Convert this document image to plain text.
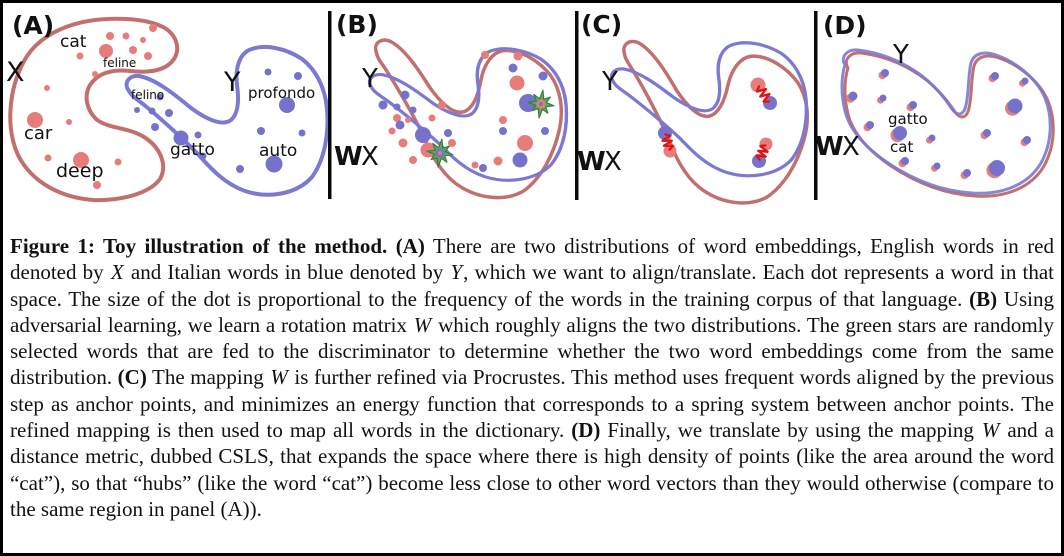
(A)
X
cat
feline
car
deep
Y
felino
gatto
profondo
auto
(B)
Y
W
X
(C)
Y
W
X
(D)
Y
W
X
gatto
cat
Figure 1: Toy illustration of the method. (A) There are two distributions of word embeddings, English words in red denoted by X and Italian words in blue denoted by Y, which we want to align/translate. Each dot represents a word in that space. The size of the dot is proportional to the frequency of the words in the training corpus of that language. (B) Using adversarial learning, we learn a rotation matrix W which roughly aligns the two distributions. The green stars are randomly selected words that are fed to the discriminator to determine whether the two word embeddings come from the same distribution. (C) The mapping W is further refined via Procrustes. This method uses frequent words aligned by the previous step as anchor points, and minimizes an energy function that corresponds to a spring system between anchor points. The refined mapping is then used to map all words in the dictionary. (D) Finally, we translate by using the mapping W and a distance metric, dubbed CSLS, that expands the space where there is high density of points (like the area around the word “cat”), so that “hubs” (like the word “cat”) become less close to other word vectors than they would otherwise (compare to the same region in panel (A)).
